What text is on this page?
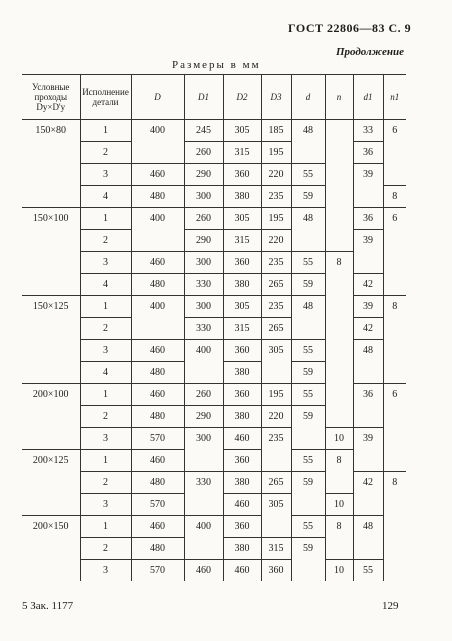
ГОСТ 22806—83 С. 9
Продолжение
Размеры в мм
Условные проходы Dy×D'y	Исполнение детали	D	D1	D2	D3	d	n	d1	n1
150×80	1	400	245	305	185	48		33	6
	2		260	315	195			36	
	3	460	290	360	220	55		39	
	4	480	300	380	235	59			8
150×100	1	400	260	305	195	48		36	6
	2		290	315	220			39	
	3	460	300	360	235	55	8		
	4	480	330	380	265	59		42	
150×125	1	400	300	305	235	48		39	8
	2		330	315	265			42	
	3	460	400	360	305	55		48	
	4	480		380		59			
200×100	1	460	260	360	195	55		36	6
	2	480	290	380	220	59			
	3	570	300	460	235		10	39	
200×125	1	460		360		55	8		
	2	480	330	380	265	59		42	8
	3	570		460	305		10		
200×150	1	460	400	360		55	8	48	
	2	480		380	315	59			
	3	570	460	460	360		10	55	
5 Зак. 1177	129
